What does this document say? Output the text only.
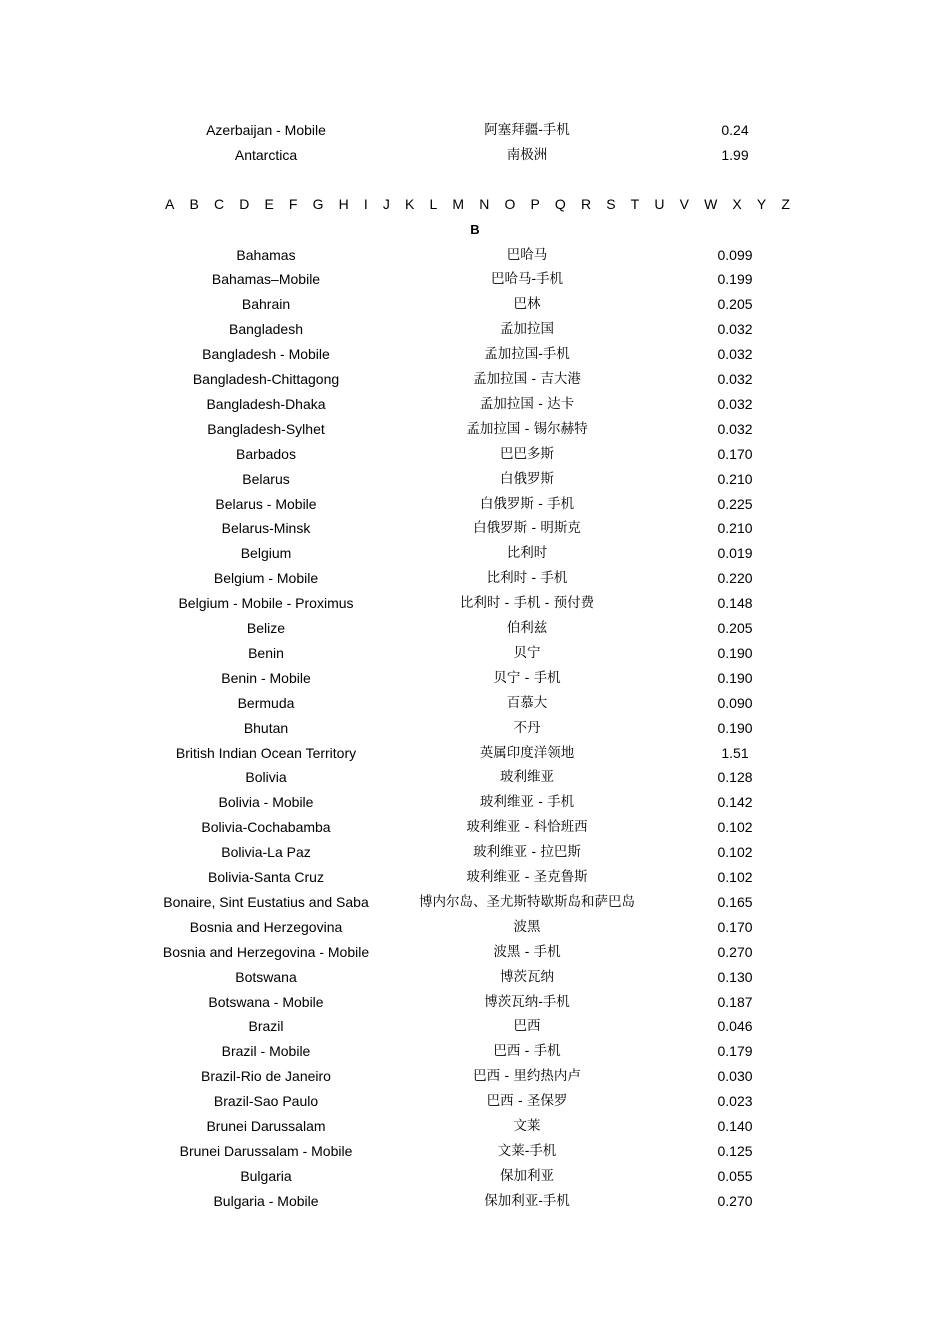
Azerbaijan - Mobile	阿塞拜疆-手机	0.24
Antarctica	南极洲	1.99
A B C D E F G H I J K L M N O P Q R S T U V W X Y Z
B
Bahamas	巴哈马	0.099
Bahamas–Mobile	巴哈马-手机	0.199
Bahrain	巴林	0.205
Bangladesh	孟加拉国	0.032
Bangladesh - Mobile	孟加拉国-手机	0.032
Bangladesh-Chittagong	孟加拉国 - 吉大港	0.032
Bangladesh-Dhaka	孟加拉国 - 达卡	0.032
Bangladesh-Sylhet	孟加拉国 - 锡尔赫特	0.032
Barbados	巴巴多斯	0.170
Belarus	白俄罗斯	0.210
Belarus - Mobile	白俄罗斯 - 手机	0.225
Belarus-Minsk	白俄罗斯 - 明斯克	0.210
Belgium	比利时	0.019
Belgium - Mobile	比利时 - 手机	0.220
Belgium - Mobile - Proximus	比利时 - 手机 - 预付费	0.148
Belize	伯利兹	0.205
Benin	贝宁	0.190
Benin - Mobile	贝宁 - 手机	0.190
Bermuda	百慕大	0.090
Bhutan	不丹	0.190
British Indian Ocean Territory	英属印度洋领地	1.51
Bolivia	玻利维亚	0.128
Bolivia - Mobile	玻利维亚 - 手机	0.142
Bolivia-Cochabamba	玻利维亚 - 科恰班西	0.102
Bolivia-La Paz	玻利维亚 - 拉巴斯	0.102
Bolivia-Santa Cruz	玻利维亚 - 圣克鲁斯	0.102
Bonaire, Sint Eustatius and Saba	博内尔岛、圣尤斯特歇斯岛和萨巴岛	0.165
Bosnia and Herzegovina	波黑	0.170
Bosnia and Herzegovina - Mobile	波黑 - 手机	0.270
Botswana	博茨瓦纳	0.130
Botswana - Mobile	博茨瓦纳-手机	0.187
Brazil	巴西	0.046
Brazil - Mobile	巴西 - 手机	0.179
Brazil-Rio de Janeiro	巴西 - 里约热内卢	0.030
Brazil-Sao Paulo	巴西 - 圣保罗	0.023
Brunei Darussalam	文莱	0.140
Brunei Darussalam - Mobile	文莱-手机	0.125
Bulgaria	保加利亚	0.055
Bulgaria - Mobile	保加利亚-手机	0.270
